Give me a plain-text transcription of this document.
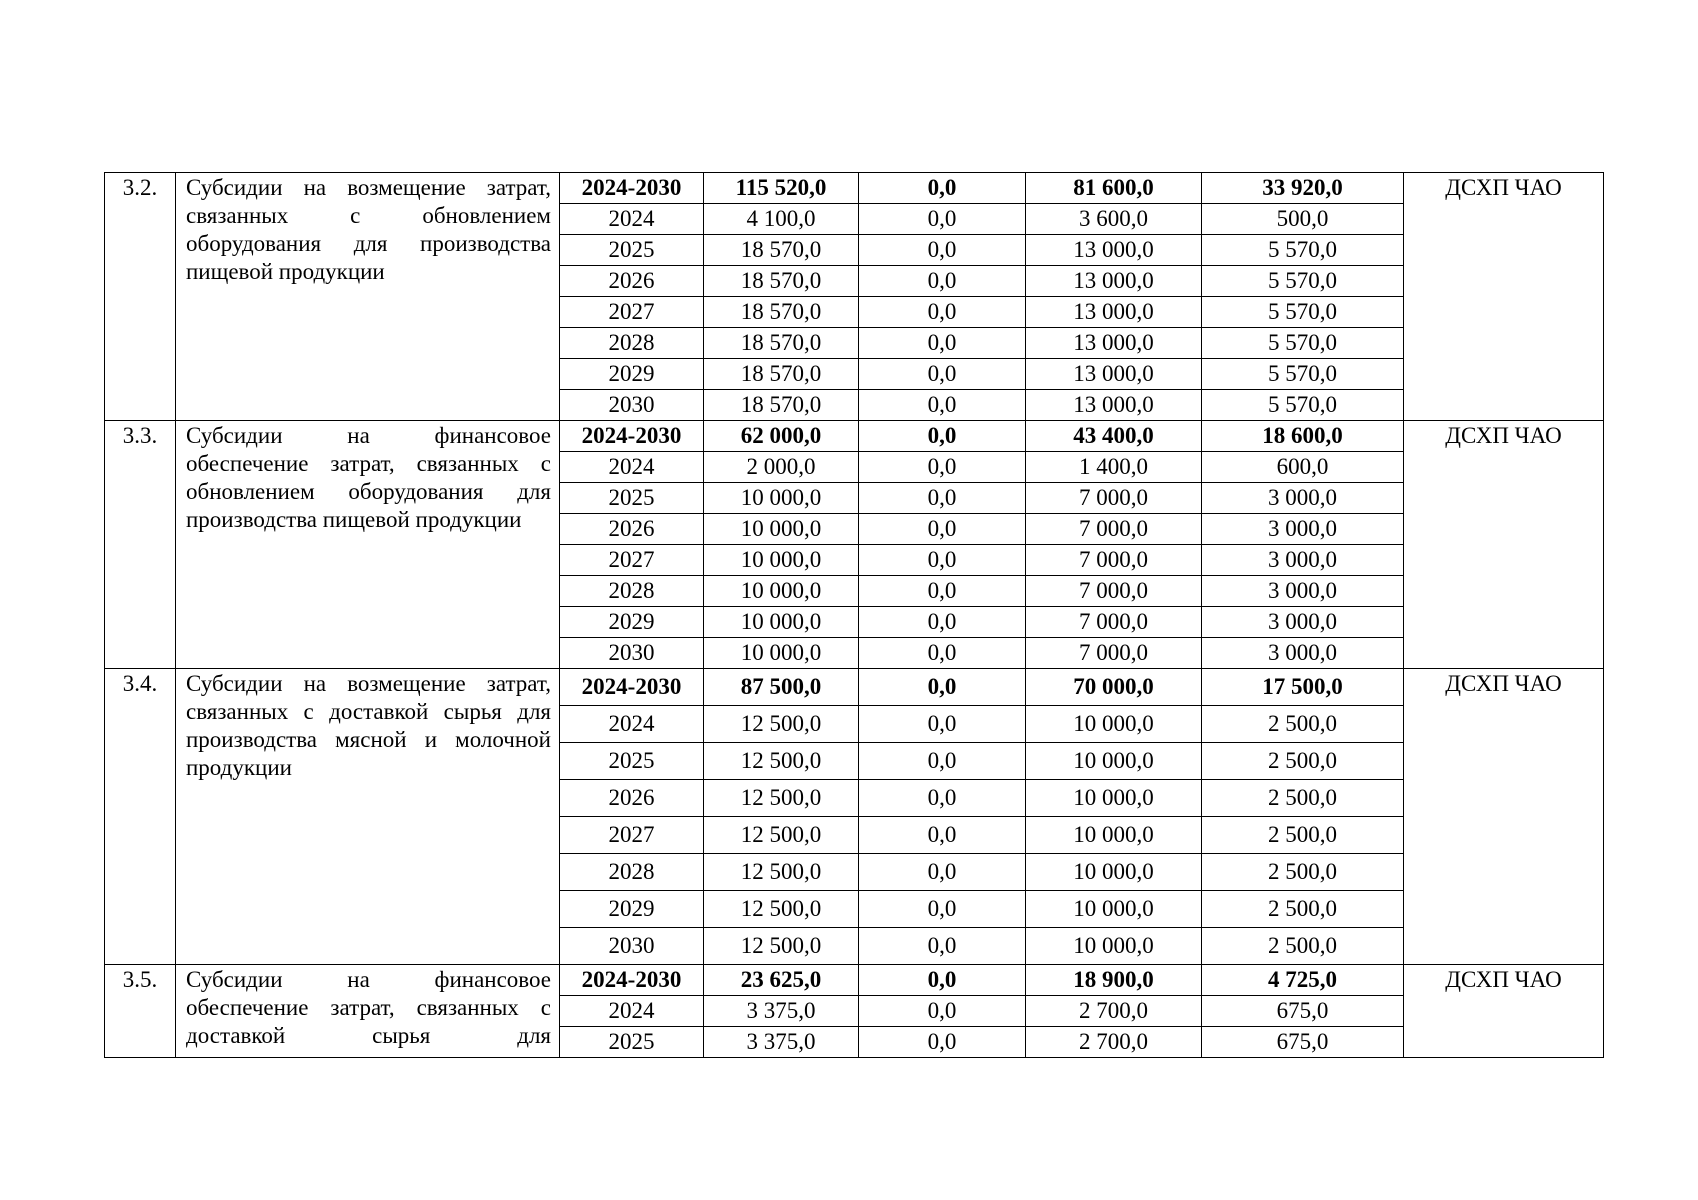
3.2.	Субсидии на возмещение затрат,
связанных с обновлением
оборудования для производства
пищевой продукции	2024-2030	115 520,0	0,0	81 600,0	33 920,0	ДСХП ЧАО
		2024	4 100,0	0,0	3 600,0	500,0	
		2025	18 570,0	0,0	13 000,0	5 570,0	
		2026	18 570,0	0,0	13 000,0	5 570,0	
		2027	18 570,0	0,0	13 000,0	5 570,0	
		2028	18 570,0	0,0	13 000,0	5 570,0	
		2029	18 570,0	0,0	13 000,0	5 570,0	
		2030	18 570,0	0,0	13 000,0	5 570,0	
3.3.	Субсидии на финансовое
обеспечение затрат, связанных с
обновлением оборудования для
производства пищевой продукции	2024-2030	62 000,0	0,0	43 400,0	18 600,0	ДСХП ЧАО
		2024	2 000,0	0,0	1 400,0	600,0	
		2025	10 000,0	0,0	7 000,0	3 000,0	
		2026	10 000,0	0,0	7 000,0	3 000,0	
		2027	10 000,0	0,0	7 000,0	3 000,0	
		2028	10 000,0	0,0	7 000,0	3 000,0	
		2029	10 000,0	0,0	7 000,0	3 000,0	
		2030	10 000,0	0,0	7 000,0	3 000,0	
3.4.	Субсидии на возмещение затрат,
связанных с доставкой сырья для
производства мясной и молочной
продукции	2024-2030	87 500,0	0,0	70 000,0	17 500,0	ДСХП ЧАО
		2024	12 500,0	0,0	10 000,0	2 500,0	
		2025	12 500,0	0,0	10 000,0	2 500,0	
		2026	12 500,0	0,0	10 000,0	2 500,0	
		2027	12 500,0	0,0	10 000,0	2 500,0	
		2028	12 500,0	0,0	10 000,0	2 500,0	
		2029	12 500,0	0,0	10 000,0	2 500,0	
		2030	12 500,0	0,0	10 000,0	2 500,0	
3.5.	Субсидии на финансовое
обеспечение затрат, связанных с
доставкой сырья для	2024-2030	23 625,0	0,0	18 900,0	4 725,0	ДСХП ЧАО
		2024	3 375,0	0,0	2 700,0	675,0	
		2025	3 375,0	0,0	2 700,0	675,0	
